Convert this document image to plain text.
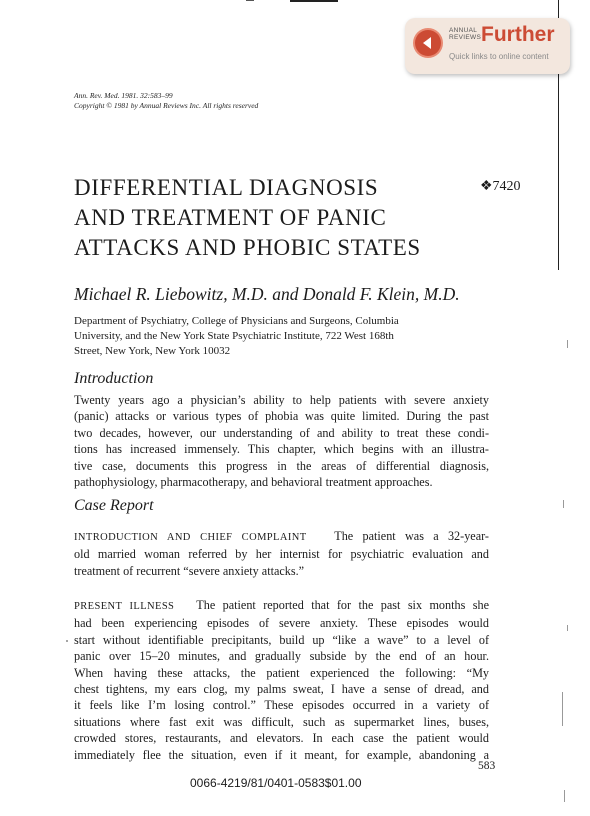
ANNUAL
REVIEWS Further
Quick links to online content
Ann. Rev. Med. 1981. 32:583–99
Copyright © 1981 by Annual Reviews Inc. All rights reserved
DIFFERENTIAL DIAGNOSIS
AND TREATMENT OF PANIC
ATTACKS AND PHOBIC STATES
❖7420
Michael R. Liebowitz, M.D. and Donald F. Klein, M.D.
Department of Psychiatry, College of Physicians and Surgeons, Columbia
University, and the New York State Psychiatric Institute, 722 West 168th
Street, New York, New York 10032
Introduction
Twenty years ago a physician’s ability to help patients with severe anxiety
(panic) attacks or various types of phobia was quite limited. During the past
two decades, however, our understanding of and ability to treat these condi-
tions has increased immensely. This chapter, which begins with an illustra-
tive case, documents this progress in the areas of differential diagnosis,
pathophysiology, pharmacotherapy, and behavioral treatment approaches.
Case Report
INTRODUCTION AND CHIEF COMPLAINT The patient was a 32-year-
old married woman referred by her internist for psychiatric evaluation and
treatment of recurrent “severe anxiety attacks.”
PRESENT ILLNESS The patient reported that for the past six months she
had been experiencing episodes of severe anxiety. These episodes would
start without identifiable precipitants, build up “like a wave” to a level of
panic over 15–20 minutes, and gradually subside by the end of an hour.
When having these attacks, the patient experienced the following: “My
chest tightens, my ears clog, my palms sweat, I have a sense of dread, and
it feels like I’m losing control.” These episodes occurred in a variety of
situations where fast exit was difficult, such as supermarket lines, buses,
crowded stores, restaurants, and elevators. In each case the patient would
immediately flee the situation, even if it meant, for example, abandoning a
583
0066-4219/81/0401-0583$01.00
